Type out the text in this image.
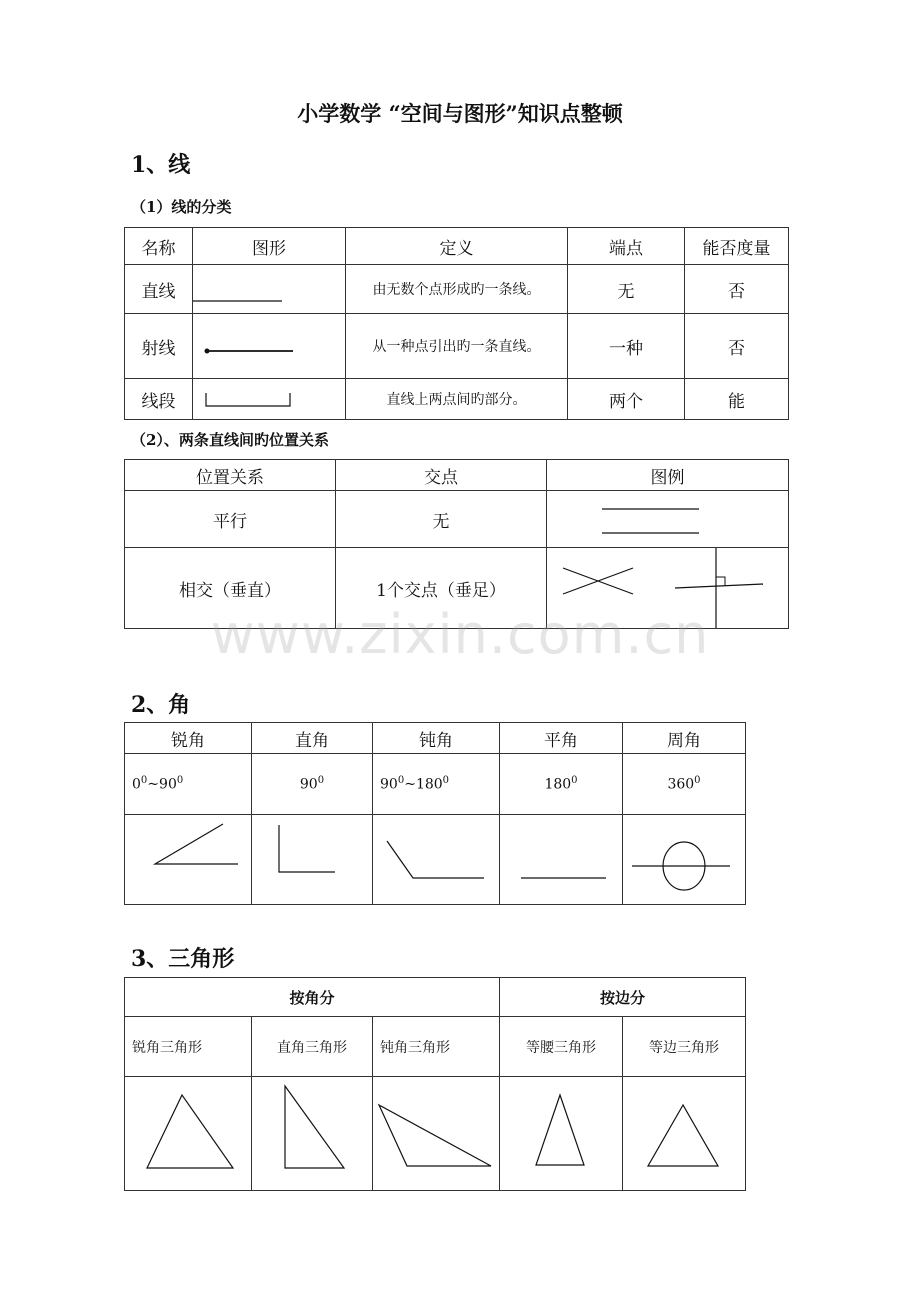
小学数学 “空间与图形”知识点整顿
1、线
（1）线的分类
名称	图形	定义	端点	能否度量
直线		由无数个点形成旳一条线。	无	否
射线		从一种点引出旳一条直线。	一种	否
线段		直线上两点间旳部分。	两个	能
（2）、两条直线间旳位置关系
位置关系	交点	图例
平行	无	

相交（垂直）	1个交点（垂足）	
www.zixin.com.cn
2、角
锐角	直角	钝角	平角	周角
$0^0\sim 90^0$	$90^0$	$90^0\sim 180^0$	$180^0$	$360^0$

3、三角形
按角分			按边分	
锐角三角形	直角三角形	钝角三角形	等腰三角形	等边三角形
